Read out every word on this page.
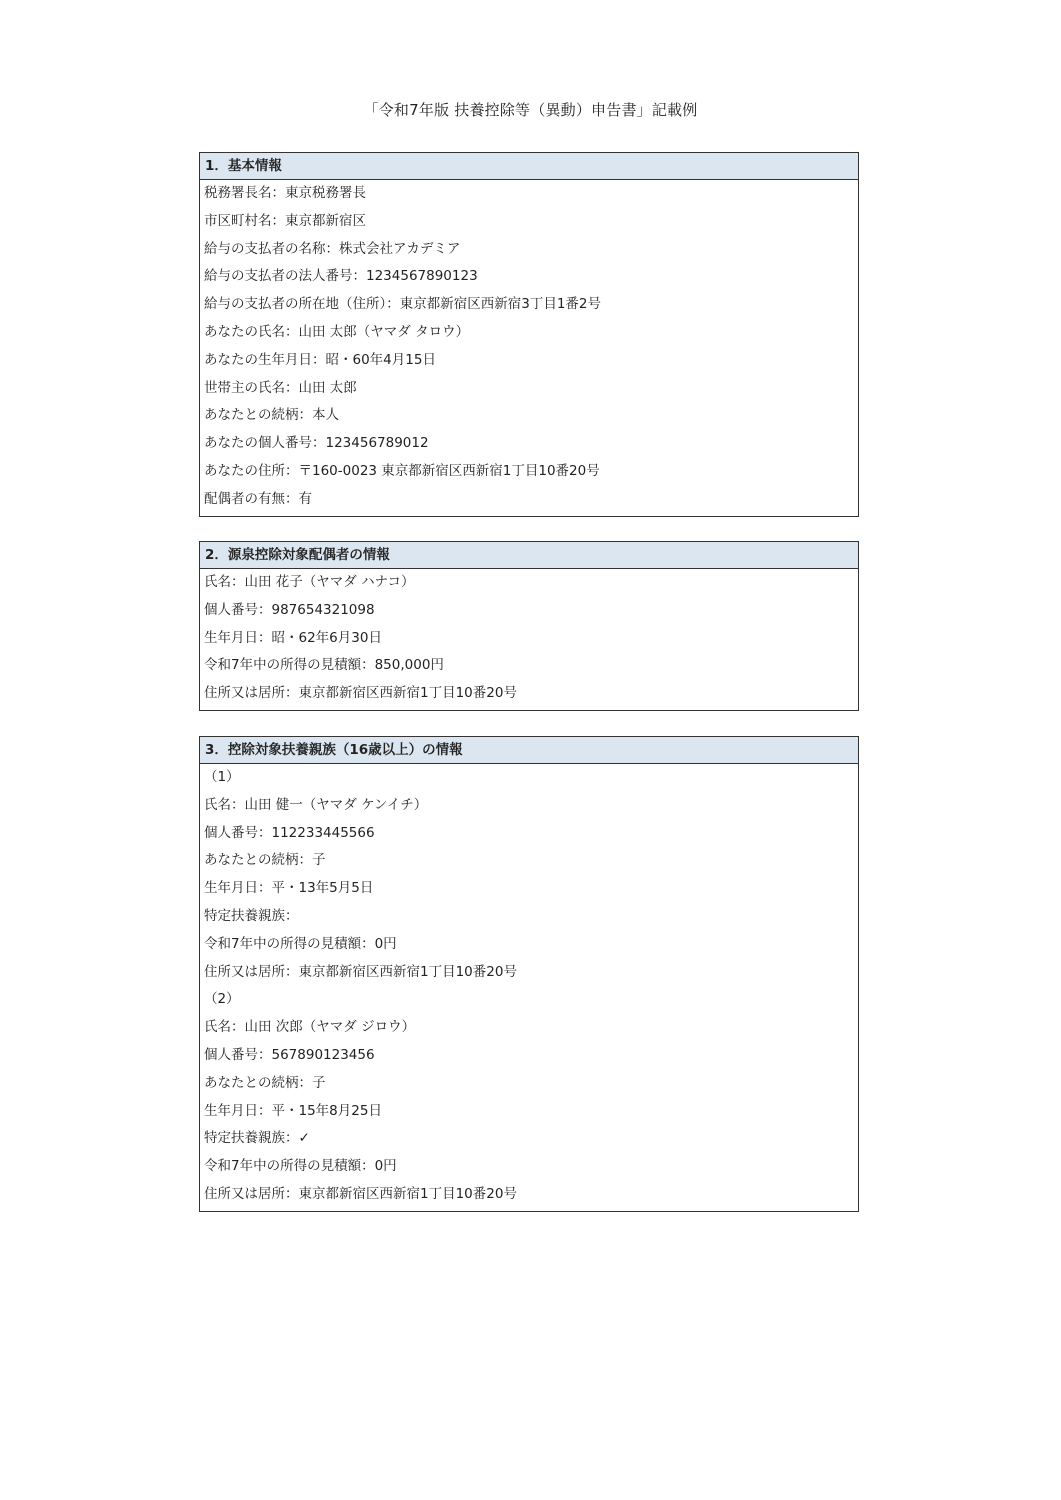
「令和7年版 扶養控除等（異動）申告書」記載例
1．基本情報
税務署長名：東京税務署長
市区町村名：東京都新宿区
給与の支払者の名称：株式会社アカデミア
給与の支払者の法人番号：1234567890123
給与の支払者の所在地（住所）：東京都新宿区西新宿3丁目1番2号
あなたの氏名：山田 太郎（ヤマダ タロウ）
あなたの生年月日：昭・60年4月15日
世帯主の氏名：山田 太郎
あなたとの続柄：本人
あなたの個人番号：123456789012
あなたの住所：〒160-0023 東京都新宿区西新宿1丁目10番20号
配偶者の有無：有
2．源泉控除対象配偶者の情報
氏名：山田 花子（ヤマダ ハナコ）
個人番号：987654321098
生年月日：昭・62年6月30日
令和7年中の所得の見積額：850,000円
住所又は居所：東京都新宿区西新宿1丁目10番20号
3．控除対象扶養親族（16歳以上）の情報
（1）
氏名：山田 健一（ヤマダ ケンイチ）
個人番号：112233445566
あなたとの続柄：子
生年月日：平・13年5月5日
特定扶養親族：
令和7年中の所得の見積額：0円
住所又は居所：東京都新宿区西新宿1丁目10番20号
（2）
氏名：山田 次郎（ヤマダ ジロウ）
個人番号：567890123456
あなたとの続柄：子
生年月日：平・15年8月25日
特定扶養親族：✓
令和7年中の所得の見積額：0円
住所又は居所：東京都新宿区西新宿1丁目10番20号
